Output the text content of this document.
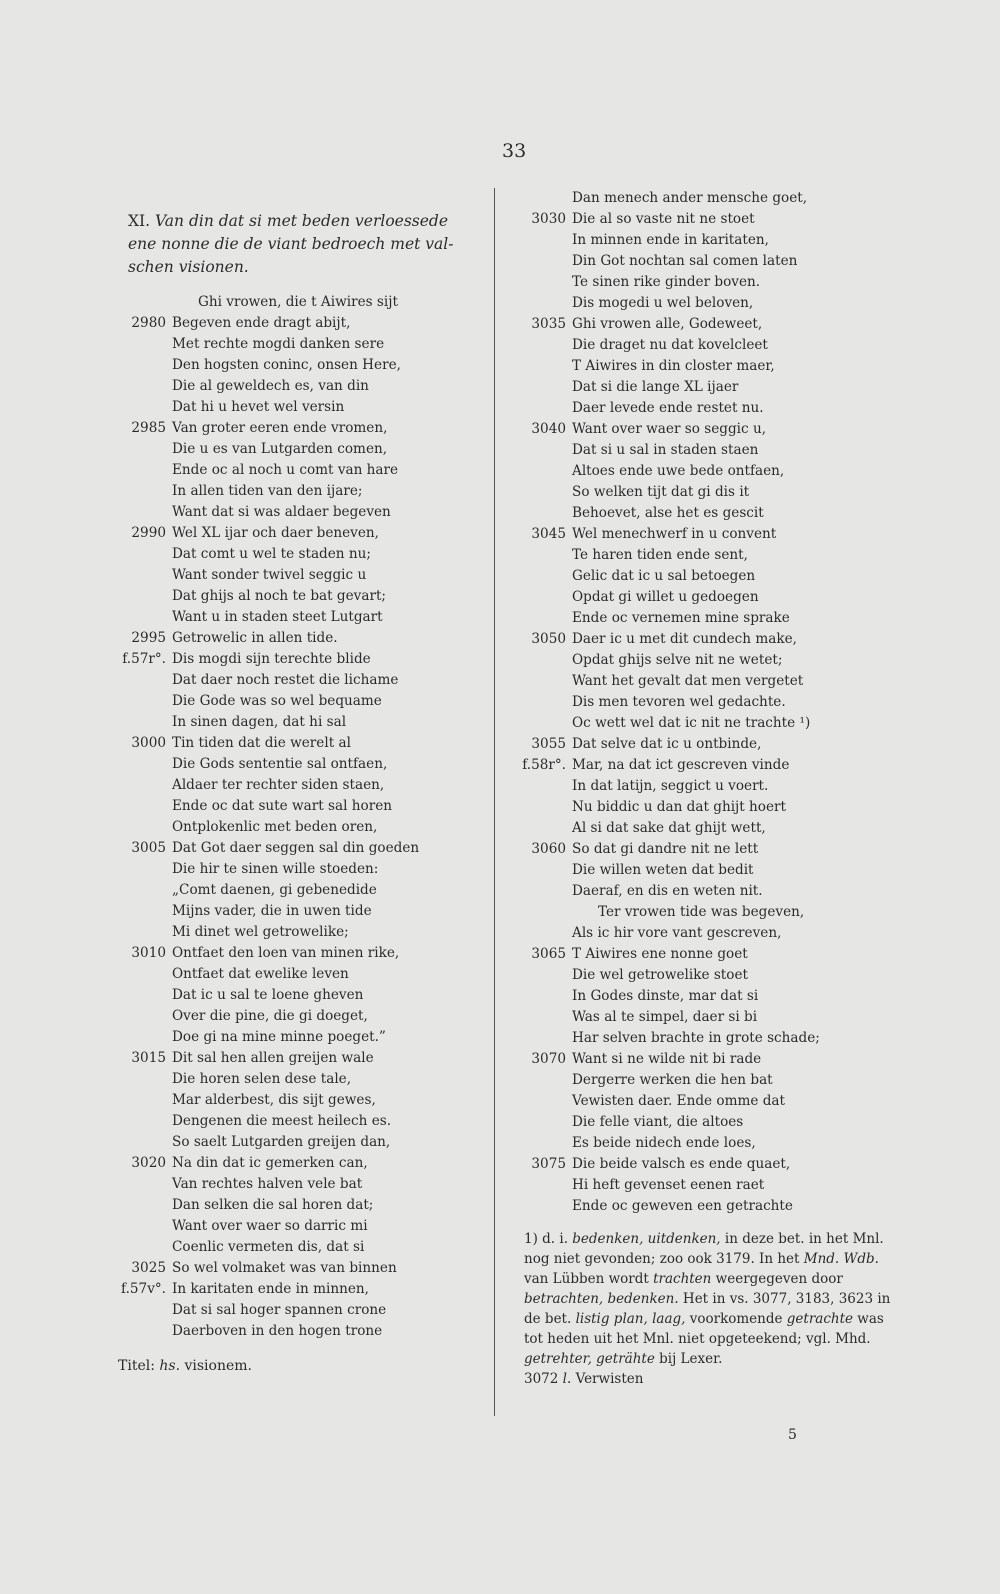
33

XI. Van din dat si met beden verloessede
ene nonne die de viant bedroech met val-
schen visionen.

Ghi vrowen, die t Aiwires sijt
2980 Begeven ende dragt abijt,
Met rechte mogdi danken sere
Den hogsten coninc, onsen Here,
Die al geweldech es, van din
Dat hi u hevet wel versin
2985 Van groter eeren ende vromen,
Die u es van Lutgarden comen,
Ende oc al noch u comt van hare
In allen tiden van den ijare;
Want dat si was aldaer begeven
2990 Wel XL ijar och daer beneven,
Dat comt u wel te staden nu;
Want sonder twivel seggic u
Dat ghijs al noch te bat gevart;
Want u in staden steet Lutgart
2995 Getrowelic in allen tide.
f.57r°. Dis mogdi sijn terechte blide
Dat daer noch restet die lichame
Die Gode was so wel bequame
In sinen dagen, dat hi sal
3000 Tin tiden dat die werelt al
Die Gods sententie sal ontfaen,
Aldaer ter rechter siden staen,
Ende oc dat sute wart sal horen
Ontplokenlic met beden oren,
3005 Dat Got daer seggen sal din goeden
Die hir te sinen wille stoeden:
„Comt daenen, gi gebenedide
Mijns vader, die in uwen tide
Mi dinet wel getrowelike;
3010 Ontfaet den loen van minen rike,
Ontfaet dat ewelike leven
Dat ic u sal te loene gheven
Over die pine, die gi doeget,
Doe gi na mine minne poeget.”
3015 Dit sal hen allen greijen wale
Die horen selen dese tale,
Mar alderbest, dis sijt gewes,
Dengenen die meest heilech es.
So saelt Lutgarden greijen dan,
3020 Na din dat ic gemerken can,
Van rechtes halven vele bat
Dan selken die sal horen dat;
Want over waer so darric mi
Coenlic vermeten dis, dat si
3025 So wel volmaket was van binnen
f.57v°. In karitaten ende in minnen,
Dat si sal hoger spannen crone
Daerboven in den hogen trone

Titel: hs. visionem.

Dan menech ander mensche goet,
3030 Die al so vaste nit ne stoet
In minnen ende in karitaten,
Din Got nochtan sal comen laten
Te sinen rike ginder boven.
Dis mogedi u wel beloven,
3035 Ghi vrowen alle, Godeweet,
Die draget nu dat kovelcleet
T Aiwires in din closter maer,
Dat si die lange XL ijaer
Daer levede ende restet nu.
3040 Want over waer so seggic u,
Dat si u sal in staden staen
Altoes ende uwe bede ontfaen,
So welken tijt dat gi dis it
Behoevet, alse het es gescit
3045 Wel menechwerf in u convent
Te haren tiden ende sent,
Gelic dat ic u sal betoegen
Opdat gi willet u gedoegen
Ende oc vernemen mine sprake
3050 Daer ic u met dit cundech make,
Opdat ghijs selve nit ne wetet;
Want het gevalt dat men vergetet
Dis men tevoren wel gedachte.
Oc wett wel dat ic nit ne trachte ¹)
3055 Dat selve dat ic u ontbinde,
f.58r°. Mar, na dat ict gescreven vinde
In dat latijn, seggict u voert.
Nu biddic u dan dat ghijt hoert
Al si dat sake dat ghijt wett,
3060 So dat gi dandre nit ne lett
Die willen weten dat bedit
Daeraf, en dis en weten nit.
Ter vrowen tide was begeven,
Als ic hir vore vant gescreven,
3065 T Aiwires ene nonne goet
Die wel getrowelike stoet
In Godes dinste, mar dat si
Was al te simpel, daer si bi
Har selven brachte in grote schade;
3070 Want si ne wilde nit bi rade
Dergerre werken die hen bat
Vewisten daer. Ende omme dat
Die felle viant, die altoes
Es beide nidech ende loes,
3075 Die beide valsch es ende quaet,
Hi heft gevenset eenen raet
Ende oc geweven een getrachte

1) d. i. bedenken, uitdenken, in deze bet. in het Mnl. nog niet gevonden; zoo ook 3179. In het Mnd. Wdb. van Lübben wordt trachten weergegeven door betrachten, bedenken. Het in vs. 3077, 3183, 3623 in de bet. listig plan, laag, voorkomende getrachte was tot heden uit het Mnl. niet opgeteekend; vgl. Mhd. getrehter, geträhte bij Lexer.

3072 l. Verwisten

5
